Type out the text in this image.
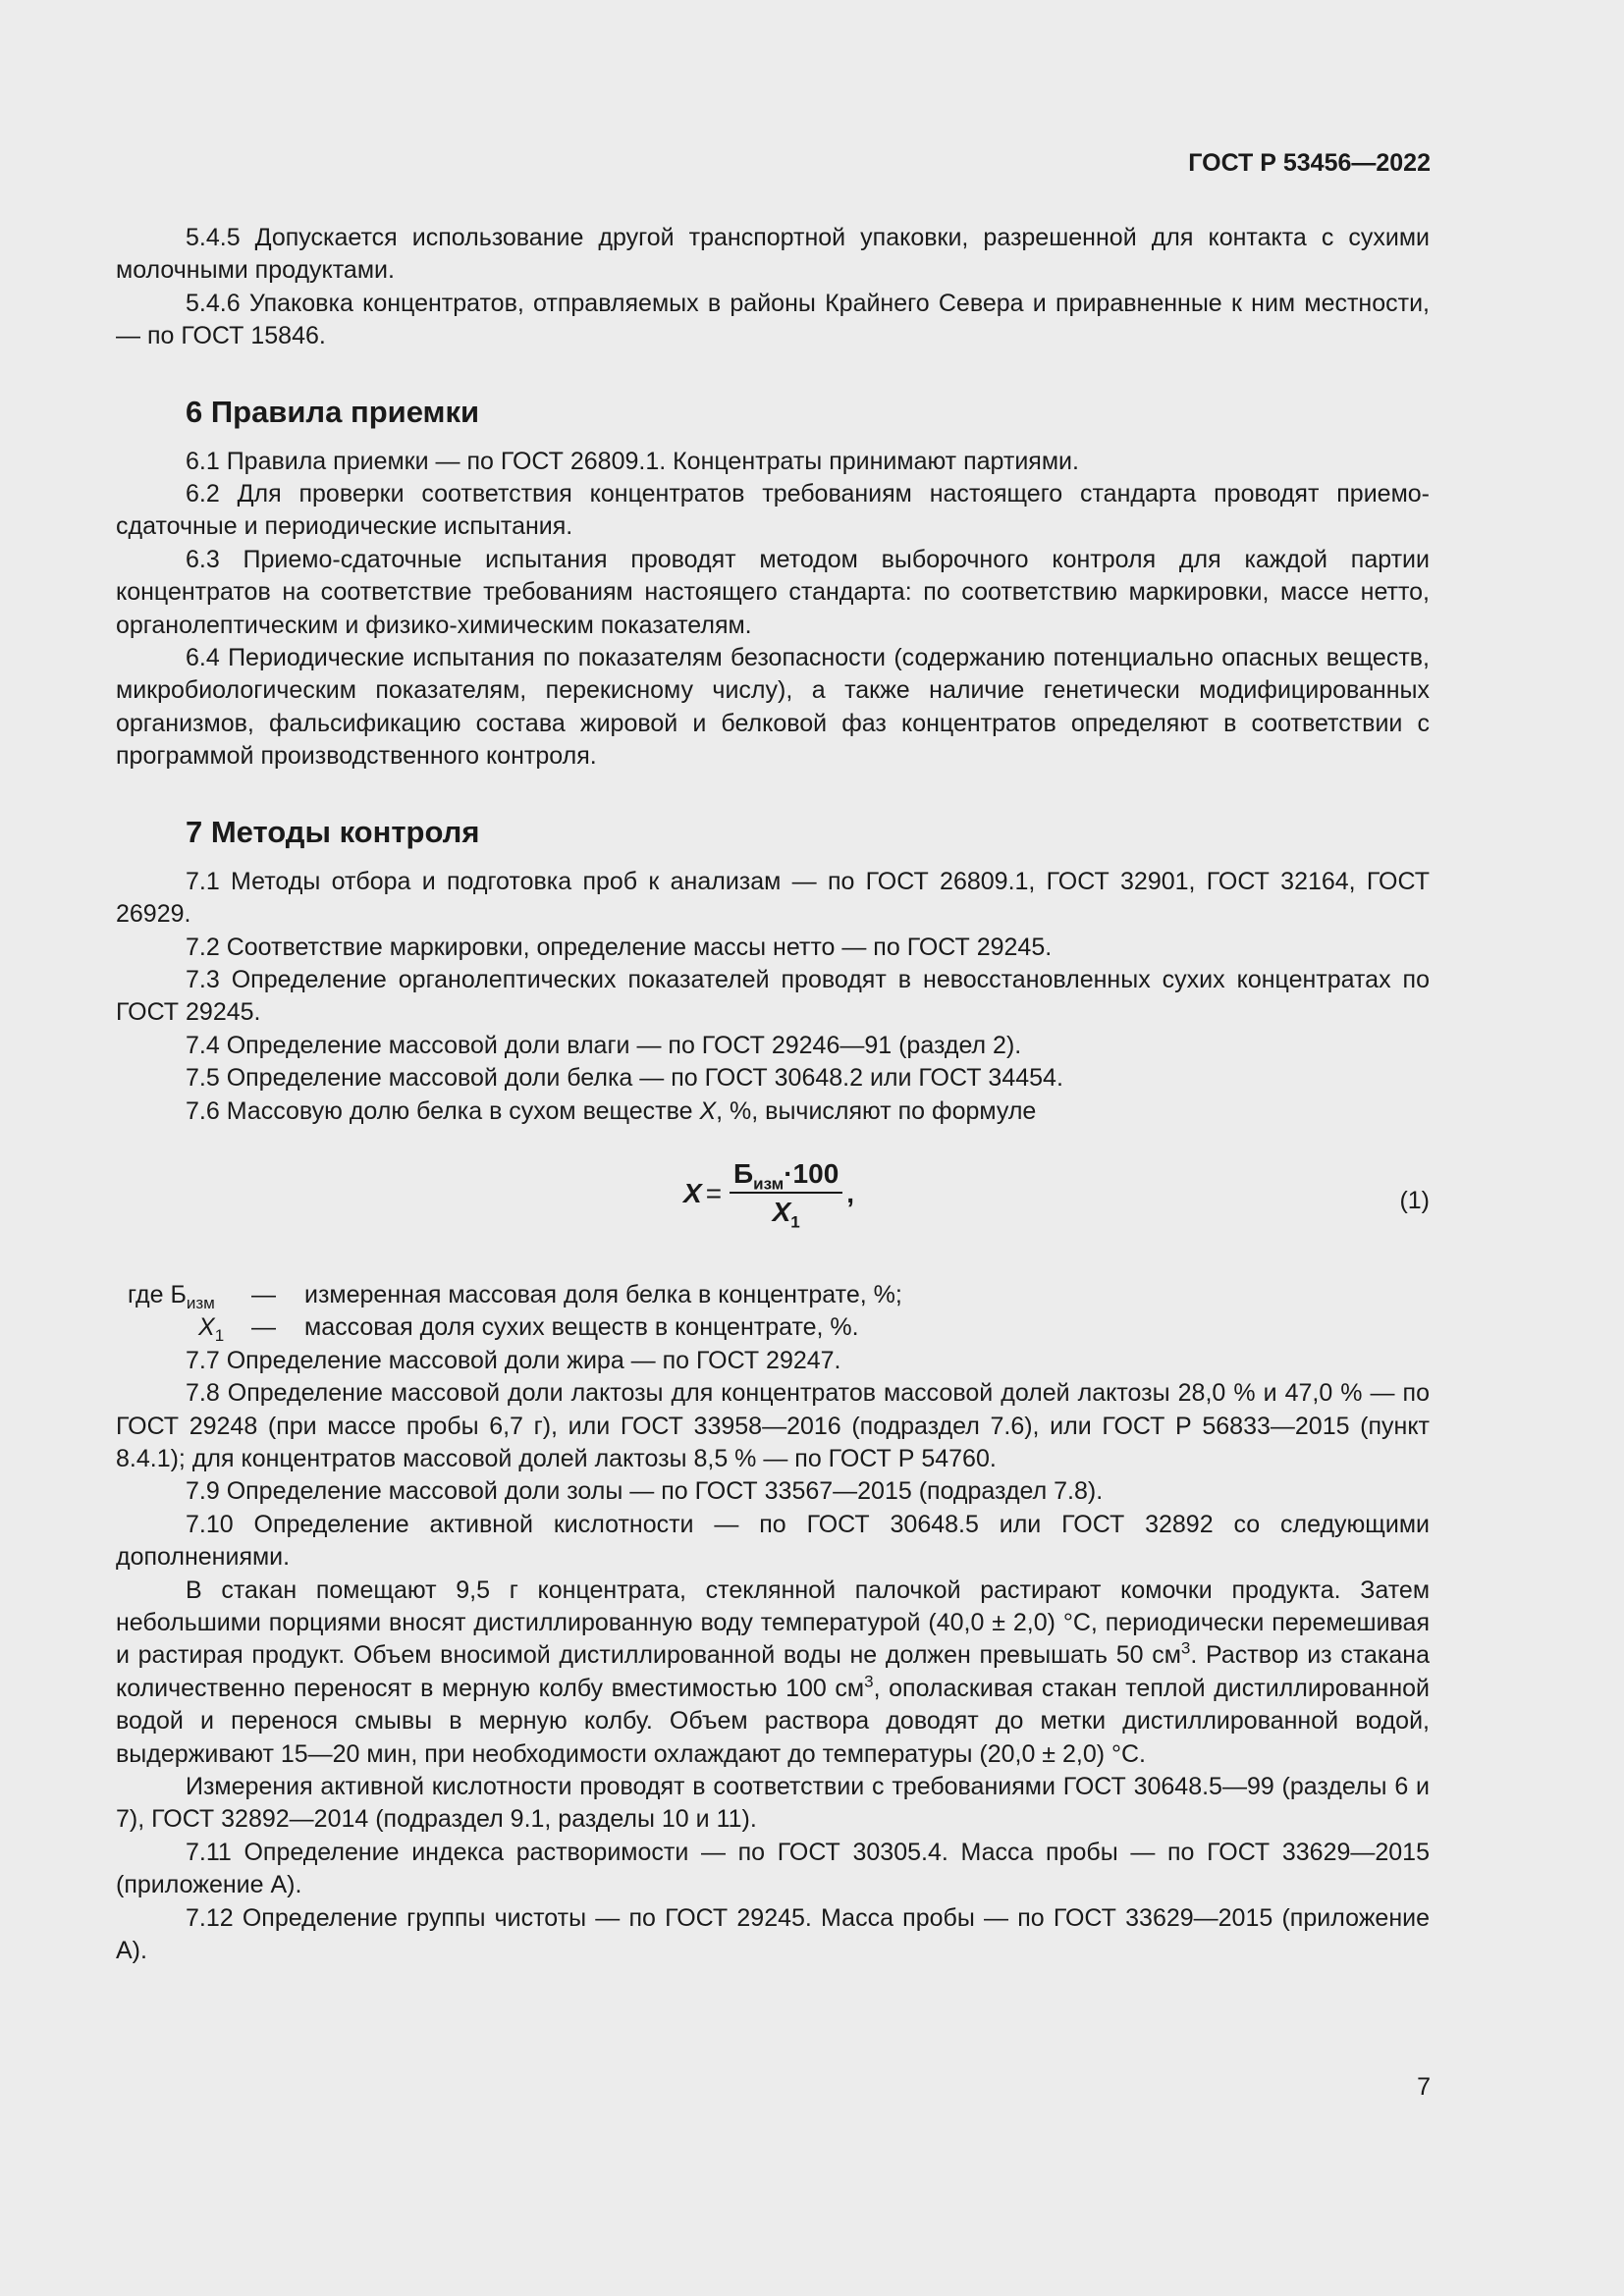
ГОСТ Р 53456—2022

5.4.5 Допускается использование другой транспортной упаковки, разрешенной для контакта с сухими молочными продуктами.

5.4.6 Упаковка концентратов, отправляемых в районы Крайнего Севера и приравненные к ним местности, — по ГОСТ 15846.

6 Правила приемки

6.1 Правила приемки — по ГОСТ 26809.1. Концентраты принимают партиями.

6.2 Для проверки соответствия концентратов требованиям настоящего стандарта проводят приемо-сдаточные и периодические испытания.

6.3 Приемо-сдаточные испытания проводят методом выборочного контроля для каждой партии концентратов на соответствие требованиям настоящего стандарта: по соответствию маркировки, массе нетто, органолептическим и физико-химическим показателям.

6.4 Периодические испытания по показателям безопасности (содержанию потенциально опасных веществ, микробиологическим показателям, перекисному числу), а также наличие генетически модифицированных организмов, фальсификацию состава жировой и белковой фаз концентратов определяют в соответствии с программой производственного контроля.

7 Методы контроля

7.1 Методы отбора и подготовка проб к анализам — по ГОСТ 26809.1, ГОСТ 32901, ГОСТ 32164, ГОСТ 26929.

7.2 Соответствие маркировки, определение массы нетто — по ГОСТ 29245.

7.3 Определение органолептических показателей проводят в невосстановленных сухих концентратах по ГОСТ 29245.

7.4 Определение массовой доли влаги — по ГОСТ 29246—91 (раздел 2).

7.5 Определение массовой доли белка — по ГОСТ 30648.2 или ГОСТ 34454.

7.6 Массовую долю белка в сухом веществе X, %, вычисляют по формуле

$X = \frac{Б_{изм}\cdot 100}{X_1}$ ,	(1)
где $Б_{изм}$ — измеренная массовая доля белка в концентрате, %;
$X_1$ — массовая доля сухих веществ в концентрате, %.

7.7 Определение массовой доли жира — по ГОСТ 29247.

7.8 Определение массовой доли лактозы для концентратов массовой долей лактозы 28,0 % и 47,0 % — по ГОСТ 29248 (при массе пробы 6,7 г), или ГОСТ 33958—2016 (подраздел 7.6), или ГОСТ Р 56833—2015 (пункт 8.4.1); для концентратов массовой долей лактозы 8,5 % — по ГОСТ Р 54760.

7.9 Определение массовой доли золы — по ГОСТ 33567—2015 (подраздел 7.8).

7.10 Определение активной кислотности — по ГОСТ 30648.5 или ГОСТ 32892 со следующими дополнениями.

В стакан помещают 9,5 г концентрата, стеклянной палочкой растирают комочки продукта. Затем небольшими порциями вносят дистиллированную воду температурой (40,0 ± 2,0) °С, периодически перемешивая и растирая продукт. Объем вносимой дистиллированной воды не должен превышать 50 $см^3$. Раствор из стакана количественно переносят в мерную колбу вместимостью 100 $см^3$, ополаскивая стакан теплой дистиллированной водой и перенося смывы в мерную колбу. Объем раствора доводят до метки дистиллированной водой, выдерживают 15—20 мин, при необходимости охлаждают до температуры (20,0 ± 2,0) °С.

Измерения активной кислотности проводят в соответствии с требованиями ГОСТ 30648.5—99 (разделы 6 и 7), ГОСТ 32892—2014 (подраздел 9.1, разделы 10 и 11).

7.11 Определение индекса растворимости — по ГОСТ 30305.4. Масса пробы — по ГОСТ 33629—2015 (приложение А).

7.12 Определение группы чистоты — по ГОСТ 29245. Масса пробы — по ГОСТ 33629—2015 (приложение А).

7
